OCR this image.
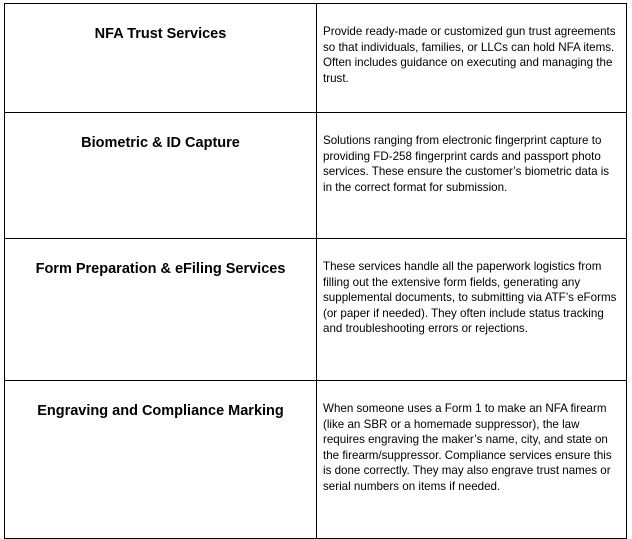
NFA Trust Services	Provide ready-made or customized gun trust agreements so that individuals, families, or LLCs can hold NFA items. Often includes guidance on executing and managing the trust.

Biometric & ID Capture	Solutions ranging from electronic fingerprint capture to providing FD-258 fingerprint cards and passport photo services. These ensure the customer’s biometric data is in the correct format for submission.

Form Preparation & eFiling Services	These services handle all the paperwork logistics from filling out the extensive form fields, generating any supplemental documents, to submitting via ATF’s eForms (or paper if needed). They often include status tracking and troubleshooting errors or rejections.

Engraving and Compliance Marking	When someone uses a Form 1 to make an NFA firearm (like an SBR or a homemade suppressor), the law requires engraving the maker’s name, city, and state on the firearm/suppressor. Compliance services ensure this is done correctly. They may also engrave trust names or serial numbers on items if needed.
